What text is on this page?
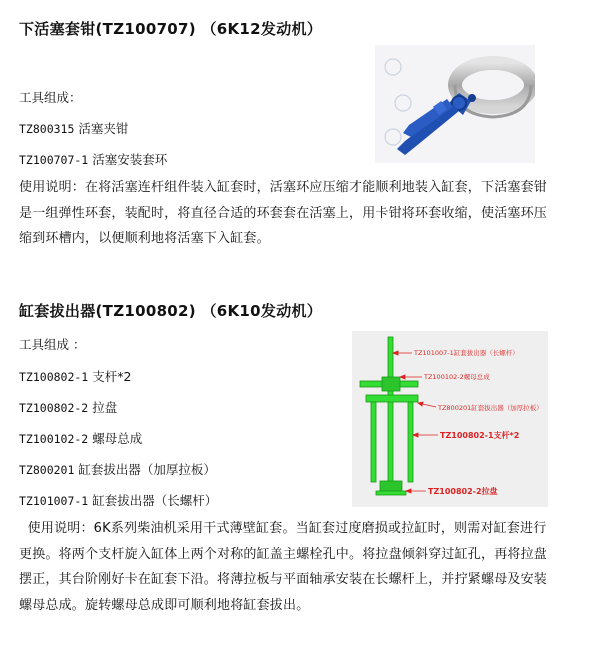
下活塞套钳(TZ100707) （6K12发动机）
工具组成：
TZ800315 活塞夹钳
TZ100707-1 活塞安装套环
使用说明：在将活塞连杆组件装入缸套时，活塞环应压缩才能顺利地装入缸套，下活塞套钳
是一组弹性环套，装配时，将直径合适的环套套在活塞上，用卡钳将环套收缩，使活塞环压
缩到环槽内，以便顺利地将活塞下入缸套。
缸套拔出器(TZ100802) （6K10发动机）
工具组成 ：
TZ100802-1 支杆*2
TZ100802-2 拉盘
TZ100102-2 螺母总成
TZ800201 缸套拔出器（加厚拉板）
TZ101007-1 缸套拔出器（长螺杆）
使用说明：6K系列柴油机采用干式薄壁缸套。当缸套过度磨损或拉缸时，则需对缸套进行
更换。将两个支杆旋入缸体上两个对称的缸盖主螺栓孔中。将拉盘倾斜穿过缸孔，再将拉盘
摆正，其台阶刚好卡在缸套下沿。将薄拉板与平面轴承安装在长螺杆上，并拧紧螺母及安装
螺母总成。旋转螺母总成即可顺利地将缸套拔出。
TZ101007-1缸套拔出器（长螺杆）
TZ100102-2螺母总成
TZ800201缸套拔出器（加厚拉板）
TZ100802-1支杆*2
TZ100802-2拉盘
